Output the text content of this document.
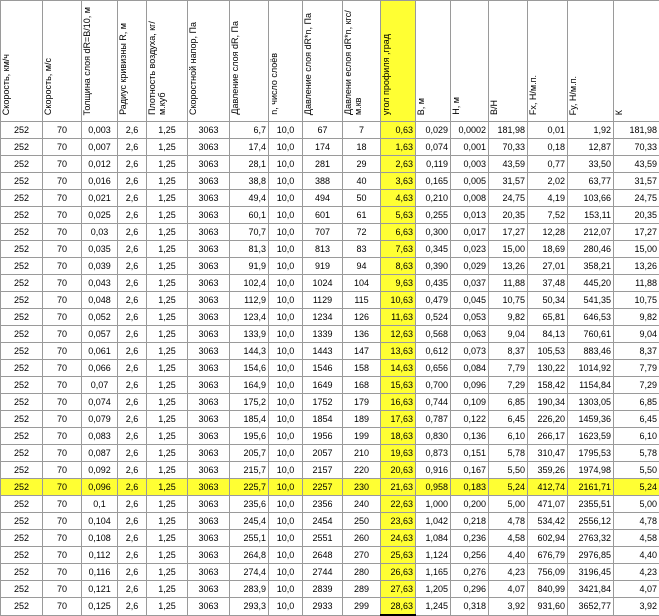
Скорость, км/ч	Скорость, м/с	Толщина слоя dR=B/10, м	Радиус кривизны R, м	Плотность воздуха, кг/м.куб	Скоростной напор, Па	Давление слоя dR, Па	n, число слоёв	Давление слоя dR*n, Па	Давлени еслоя dR*n, кгс/м.кв	угол профиля ,град	В, м	Н, м	В/Н	Fx, Н/м.п.	Fy, Н/м.п.	К
252	70	0,003	2,6	1,25	3063	6,7	10,0	67	7	0,63	0,029	0,0002	181,98	0,01	1,92	181,98
252	70	0,007	2,6	1,25	3063	17,4	10,0	174	18	1,63	0,074	0,001	70,33	0,18	12,87	70,33
252	70	0,012	2,6	1,25	3063	28,1	10,0	281	29	2,63	0,119	0,003	43,59	0,77	33,50	43,59
252	70	0,016	2,6	1,25	3063	38,8	10,0	388	40	3,63	0,165	0,005	31,57	2,02	63,77	31,57
252	70	0,021	2,6	1,25	3063	49,4	10,0	494	50	4,63	0,210	0,008	24,75	4,19	103,66	24,75
252	70	0,025	2,6	1,25	3063	60,1	10,0	601	61	5,63	0,255	0,013	20,35	7,52	153,11	20,35
252	70	0,03	2,6	1,25	3063	70,7	10,0	707	72	6,63	0,300	0,017	17,27	12,28	212,07	17,27
252	70	0,035	2,6	1,25	3063	81,3	10,0	813	83	7,63	0,345	0,023	15,00	18,69	280,46	15,00
252	70	0,039	2,6	1,25	3063	91,9	10,0	919	94	8,63	0,390	0,029	13,26	27,01	358,21	13,26
252	70	0,043	2,6	1,25	3063	102,4	10,0	1024	104	9,63	0,435	0,037	11,88	37,48	445,20	11,88
252	70	0,048	2,6	1,25	3063	112,9	10,0	1129	115	10,63	0,479	0,045	10,75	50,34	541,35	10,75
252	70	0,052	2,6	1,25	3063	123,4	10,0	1234	126	11,63	0,524	0,053	9,82	65,81	646,53	9,82
252	70	0,057	2,6	1,25	3063	133,9	10,0	1339	136	12,63	0,568	0,063	9,04	84,13	760,61	9,04
252	70	0,061	2,6	1,25	3063	144,3	10,0	1443	147	13,63	0,612	0,073	8,37	105,53	883,46	8,37
252	70	0,066	2,6	1,25	3063	154,6	10,0	1546	158	14,63	0,656	0,084	7,79	130,22	1014,92	7,79
252	70	0,07	2,6	1,25	3063	164,9	10,0	1649	168	15,63	0,700	0,096	7,29	158,42	1154,84	7,29
252	70	0,074	2,6	1,25	3063	175,2	10,0	1752	179	16,63	0,744	0,109	6,85	190,34	1303,05	6,85
252	70	0,079	2,6	1,25	3063	185,4	10,0	1854	189	17,63	0,787	0,122	6,45	226,20	1459,36	6,45
252	70	0,083	2,6	1,25	3063	195,6	10,0	1956	199	18,63	0,830	0,136	6,10	266,17	1623,59	6,10
252	70	0,087	2,6	1,25	3063	205,7	10,0	2057	210	19,63	0,873	0,151	5,78	310,47	1795,53	5,78
252	70	0,092	2,6	1,25	3063	215,7	10,0	2157	220	20,63	0,916	0,167	5,50	359,26	1974,98	5,50
252	70	0,096	2,6	1,25	3063	225,7	10,0	2257	230	21,63	0,958	0,183	5,24	412,74	2161,71	5,24
252	70	0,1	2,6	1,25	3063	235,6	10,0	2356	240	22,63	1,000	0,200	5,00	471,07	2355,51	5,00
252	70	0,104	2,6	1,25	3063	245,4	10,0	2454	250	23,63	1,042	0,218	4,78	534,42	2556,12	4,78
252	70	0,108	2,6	1,25	3063	255,1	10,0	2551	260	24,63	1,084	0,236	4,58	602,94	2763,32	4,58
252	70	0,112	2,6	1,25	3063	264,8	10,0	2648	270	25,63	1,124	0,256	4,40	676,79	2976,85	4,40
252	70	0,116	2,6	1,25	3063	274,4	10,0	2744	280	26,63	1,165	0,276	4,23	756,09	3196,45	4,23
252	70	0,121	2,6	1,25	3063	283,9	10,0	2839	289	27,63	1,205	0,296	4,07	840,99	3421,84	4,07
252	70	0,125	2,6	1,25	3063	293,3	10,0	2933	299	28,63	1,245	0,318	3,92	931,60	3652,77	3,92
